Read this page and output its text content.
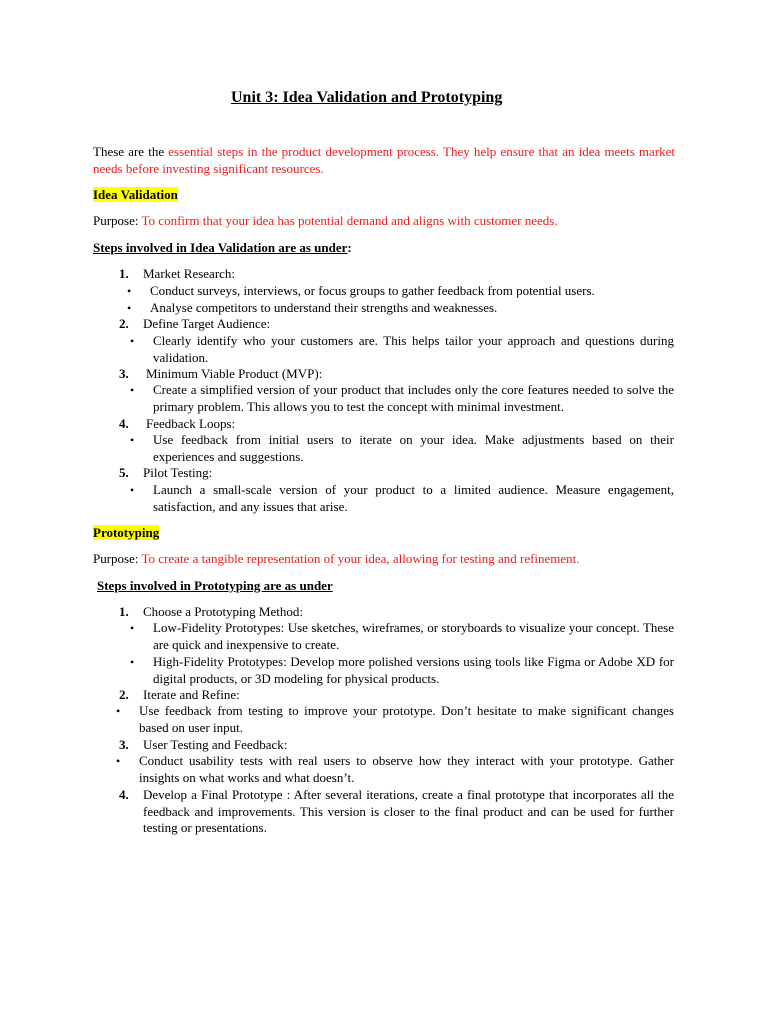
Unit 3: Idea Validation and Prototyping
These are the essential steps in the product development process. They help ensure that an idea meets market needs before investing significant resources.
Idea Validation
Purpose: To confirm that your idea has potential demand and aligns with customer needs.
Steps involved in Idea Validation are as under:
1. Market Research:
• Conduct surveys, interviews, or focus groups to gather feedback from potential users.
• Analyse competitors to understand their strengths and weaknesses.
2. Define Target Audience:
• Clearly identify who your customers are. This helps tailor your approach and questions during validation.
3. Minimum Viable Product (MVP):
• Create a simplified version of your product that includes only the core features needed to solve the primary problem. This allows you to test the concept with minimal investment.
4. Feedback Loops:
• Use feedback from initial users to iterate on your idea. Make adjustments based on their experiences and suggestions.
5. Pilot Testing:
• Launch a small-scale version of your product to a limited audience. Measure engagement, satisfaction, and any issues that arise.
Prototyping
Purpose: To create a tangible representation of your idea, allowing for testing and refinement.
Steps involved in Prototyping are as under
1. Choose a Prototyping Method:
• Low-Fidelity Prototypes: Use sketches, wireframes, or storyboards to visualize your concept. These are quick and inexpensive to create.
• High-Fidelity Prototypes: Develop more polished versions using tools like Figma or Adobe XD for digital products, or 3D modeling for physical products.
2. Iterate and Refine:
• Use feedback from testing to improve your prototype. Don’t hesitate to make significant changes based on user input.
3. User Testing and Feedback:
• Conduct usability tests with real users to observe how they interact with your prototype. Gather insights on what works and what doesn’t.
4. Develop a Final Prototype : After several iterations, create a final prototype that incorporates all the feedback and improvements. This version is closer to the final product and can be used for further testing or presentations.
